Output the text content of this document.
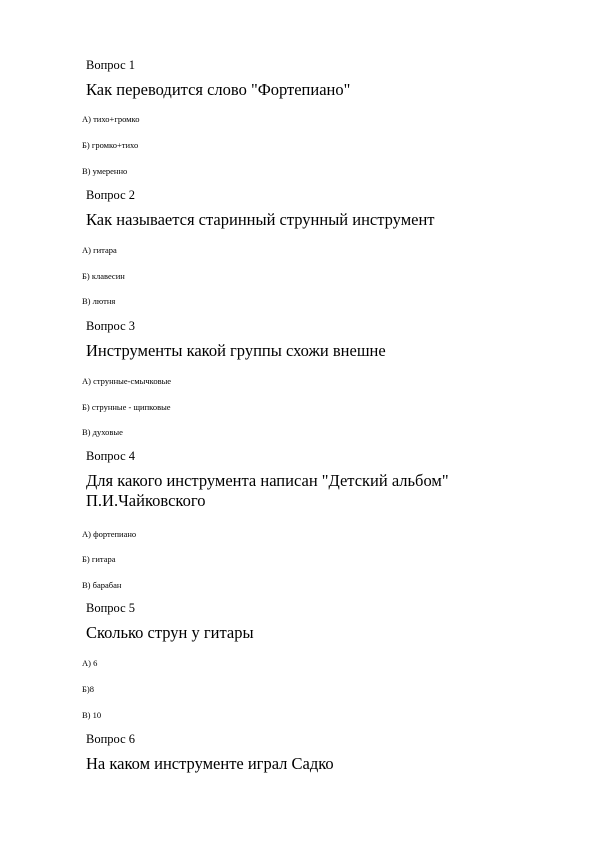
Вопрос 1
Как переводится слово "Фортепиано"
А) тихо+громко
Б) громко+тихо
В) умеренно
Вопрос 2
Как называется старинный струнный инструмент
А) гитара
Б) клавесин
В) лютня
Вопрос 3
Инструменты какой группы схожи внешне
А) струнные-смычковые
Б) струнные - щипковые
В) духовые
Вопрос 4
Для какого инструмента написан "Детский альбом" П.И.Чайковского
А) фортепиано
Б) гитара
В) барабан
Вопрос 5
Сколько струн у гитары
А) 6
Б)8
В) 10
Вопрос 6
На каком инструменте играл Садко
